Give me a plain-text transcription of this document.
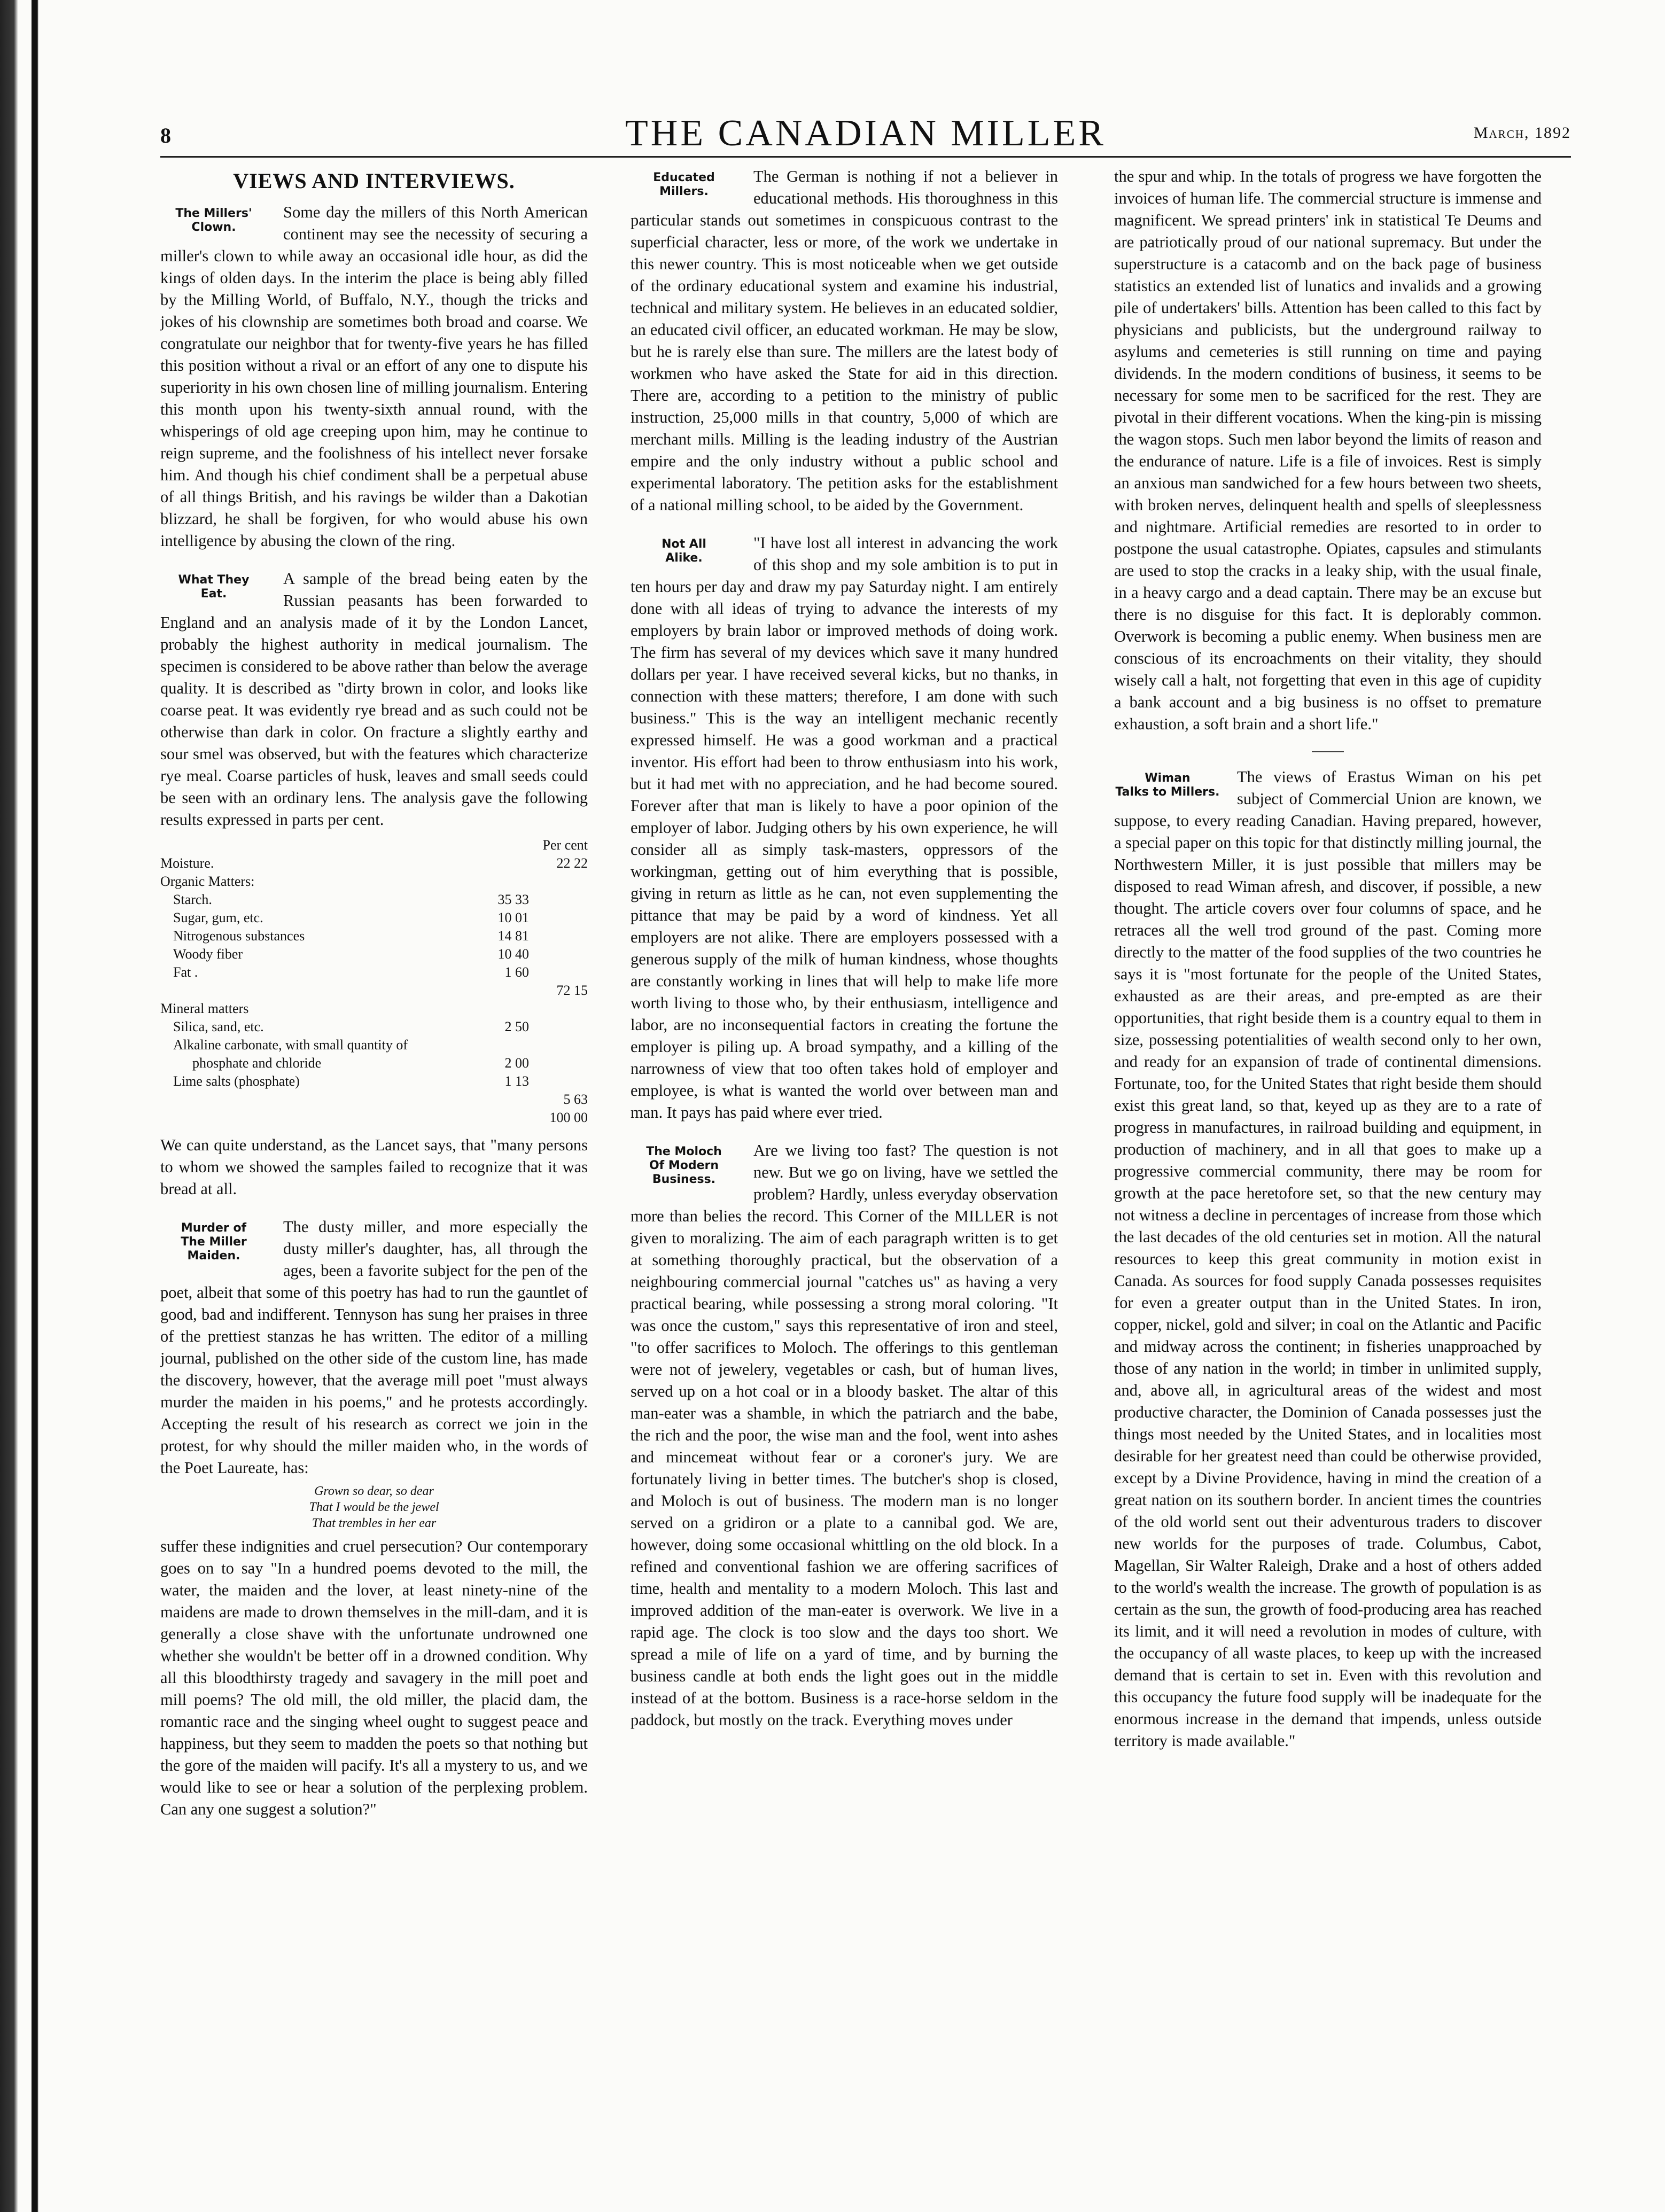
8	THE CANADIAN MILLER	March, 1892
VIEWS AND INTERVIEWS.
The Millers'
Clown.

Some day the millers of this North American continent may see the necessity of securing a miller's clown to while away an occasional idle hour, as did the kings of olden days. In the interim the place is being ably filled by the Milling World, of Buffalo, N.Y., though the tricks and jokes of his clownship are sometimes both broad and coarse. We congratulate our neighbor that for twenty-five years he has filled this position without a rival or an effort of any one to dispute his superiority in his own chosen line of milling journalism. Entering this month upon his twenty-sixth annual round, with the whisperings of old age creeping upon him, may he continue to reign supreme, and the foolishness of his intellect never forsake him. And though his chief condiment shall be a perpetual abuse of all things British, and his ravings be wilder than a Dakotian blizzard, he shall be forgiven, for who would abuse his own intelligence by abusing the clown of the ring.

What They
Eat.

A sample of the bread being eaten by the Russian peasants has been forwarded to England and an analysis made of it by the London Lancet, probably the highest authority in medical journalism. The specimen is considered to be above rather than below the average quality. It is described as "dirty brown in color, and looks like coarse peat. It was evidently rye bread and as such could not be otherwise than dark in color. On fracture a slightly earthy and sour smel was observed, but with the features which characterize rye meal. Coarse particles of husk, leaves and small seeds could be seen with an ordinary lens. The analysis gave the following results expressed in parts per cent.

		Per cent
Moisture.		22 22
Organic Matters:		
Starch.	35 33	
Sugar, gum, etc.	10 01	
Nitrogenous substances	14 81	
Woody fiber	10 40	
Fat .	1 60	
		72 15
Mineral matters		
Silica, sand, etc.	2 50	
Alkaline carbonate, with small quantity of		
phosphate and chloride	2 00	
Lime salts (phosphate)	1 13	
		5 63
		100 00

We can quite understand, as the Lancet says, that "many persons to whom we showed the samples failed to recognize that it was bread at all.

Murder of
The Miller Maiden.

The dusty miller, and more especially the dusty miller's daughter, has, all through the ages, been a favorite subject for the pen of the poet, albeit that some of this poetry has had to run the gauntlet of good, bad and indifferent. Tennyson has sung her praises in three of the prettiest stanzas he has written. The editor of a milling journal, published on the other side of the custom line, has made the discovery, however, that the average mill poet "must always murder the maiden in his poems," and he protests accordingly. Accepting the result of his research as correct we join in the protest, for why should the miller maiden who, in the words of the Poet Laureate, has:

Grown so dear, so dear
That I would be the jewel
That trembles in her ear

suffer these indignities and cruel persecution? Our contemporary goes on to say "In a hundred poems devoted to the mill, the water, the maiden and the lover, at least ninety-nine of the maidens are made to drown themselves in the mill-dam, and it is generally a close shave with the unfortunate undrowned one whether she wouldn't be better off in a drowned condition. Why all this bloodthirsty tragedy and savagery in the mill poet and mill poems? The old mill, the old miller, the placid dam, the romantic race and the singing wheel ought to suggest peace and happiness, but they seem to madden the poets so that nothing but the gore of the maiden will pacify. It's all a mystery to us, and we would like to see or hear a solution of the perplexing problem. Can any one suggest a solution?"

Educated
Millers.

The German is nothing if not a believer in educational methods. His thoroughness in this particular stands out sometimes in conspicuous contrast to the superficial character, less or more, of the work we undertake in this newer country. This is most noticeable when we get outside of the ordinary educational system and examine his industrial, technical and military system. He believes in an educated soldier, an educated civil officer, an educated workman. He may be slow, but he is rarely else than sure. The millers are the latest body of workmen who have asked the State for aid in this direction. There are, according to a petition to the ministry of public instruction, 25,000 mills in that country, 5,000 of which are merchant mills. Milling is the leading industry of the Austrian empire and the only industry without a public school and experimental laboratory. The petition asks for the establishment of a national milling school, to be aided by the Government.

Not All
Alike.

"I have lost all interest in advancing the work of this shop and my sole ambition is to put in ten hours per day and draw my pay Saturday night. I am entirely done with all ideas of trying to advance the interests of my employers by brain labor or improved methods of doing work. The firm has several of my devices which save it many hundred dollars per year. I have received several kicks, but no thanks, in connection with these matters; therefore, I am done with such business." This is the way an intelligent mechanic recently expressed himself. He was a good workman and a practical inventor. His effort had been to throw enthusiasm into his work, but it had met with no appreciation, and he had become soured. Forever after that man is likely to have a poor opinion of the employer of labor. Judging others by his own experience, he will consider all as simply task-masters, oppressors of the workingman, getting out of him everything that is possible, giving in return as little as he can, not even supplementing the pittance that may be paid by a word of kindness. Yet all employers are not alike. There are employers possessed with a generous supply of the milk of human kindness, whose thoughts are constantly working in lines that will help to make life more worth living to those who, by their enthusiasm, intelligence and labor, are no inconsequential factors in creating the fortune the employer is piling up. A broad sympathy, and a killing of the narrowness of view that too often takes hold of employer and employee, is what is wanted the world over between man and man. It pays has paid where ever tried.

The Moloch
Of Modern Business.

Are we living too fast? The question is not new. But we go on living, have we settled the problem? Hardly, unless everyday observation more than belies the record. This Corner of the MILLER is not given to moralizing. The aim of each paragraph written is to get at something thoroughly practical, but the observation of a neighbouring commercial journal "catches us" as having a very practical bearing, while possessing a strong moral coloring. "It was once the custom," says this representative of iron and steel, "to offer sacrifices to Moloch. The offerings to this gentleman were not of jewelery, vegetables or cash, but of human lives, served up on a hot coal or in a bloody basket. The altar of this man-eater was a shamble, in which the patriarch and the babe, the rich and the poor, the wise man and the fool, went into ashes and mincemeat without fear or a coroner's jury. We are fortunately living in better times. The butcher's shop is closed, and Moloch is out of business. The modern man is no longer served on a gridiron or a plate to a cannibal god. We are, however, doing some occasional whittling on the old block. In a refined and conventional fashion we are offering sacrifices of time, health and mentality to a modern Moloch. This last and improved addition of the man-eater is overwork. We live in a rapid age. The clock is too slow and the days too short. We spread a mile of life on a yard of time, and by burning the business candle at both ends the light goes out in the middle instead of at the bottom. Business is a race-horse seldom in the paddock, but mostly on the track. Everything moves under

the spur and whip. In the totals of progress we have forgotten the invoices of human life. The commercial structure is immense and magnificent. We spread printers' ink in statistical Te Deums and are patriotically proud of our national supremacy. But under the superstructure is a catacomb and on the back page of business statistics an extended list of lunatics and invalids and a growing pile of undertakers' bills. Attention has been called to this fact by physicians and publicists, but the underground railway to asylums and cemeteries is still running on time and paying dividends. In the modern conditions of business, it seems to be necessary for some men to be sacrificed for the rest. They are pivotal in their different vocations. When the king-pin is missing the wagon stops. Such men labor beyond the limits of reason and the endurance of nature. Life is a file of invoices. Rest is simply an anxious man sandwiched for a few hours between two sheets, with broken nerves, delinquent health and spells of sleeplessness and nightmare. Artificial remedies are resorted to in order to postpone the usual catastrophe. Opiates, capsules and stimulants are used to stop the cracks in a leaky ship, with the usual finale, in a heavy cargo and a dead captain. There may be an excuse but there is no disguise for this fact. It is deplorably common. Overwork is becoming a public enemy. When business men are conscious of its encroachments on their vitality, they should wisely call a halt, not forgetting that even in this age of cupidity a bank account and a big business is no offset to premature exhaustion, a soft brain and a short life."

Wiman
Talks to Millers.

The views of Erastus Wiman on his pet subject of Commercial Union are known, we suppose, to every reading Canadian. Having prepared, however, a special paper on this topic for that distinctly milling journal, the Northwestern Miller, it is just possible that millers may be disposed to read Wiman afresh, and discover, if possible, a new thought. The article covers over four columns of space, and he retraces all the well trod ground of the past. Coming more directly to the matter of the food supplies of the two countries he says it is "most fortunate for the people of the United States, exhausted as are their areas, and pre-empted as are their opportunities, that right beside them is a country equal to them in size, possessing potentialities of wealth second only to her own, and ready for an expansion of trade of continental dimensions. Fortunate, too, for the United States that right beside them should exist this great land, so that, keyed up as they are to a rate of progress in manufactures, in railroad building and equipment, in production of machinery, and in all that goes to make up a progressive commercial community, there may be room for growth at the pace heretofore set, so that the new century may not witness a decline in percentages of increase from those which the last decades of the old centuries set in motion. All the natural resources to keep this great community in motion exist in Canada. As sources for food supply Canada possesses requisites for even a greater output than in the United States. In iron, copper, nickel, gold and silver; in coal on the Atlantic and Pacific and midway across the continent; in fisheries unapproached by those of any nation in the world; in timber in unlimited supply, and, above all, in agricultural areas of the widest and most productive character, the Dominion of Canada possesses just the things most needed by the United States, and in localities most desirable for her greatest need than could be otherwise provided, except by a Divine Providence, having in mind the creation of a great nation on its southern border. In ancient times the countries of the old world sent out their adventurous traders to discover new worlds for the purposes of trade. Columbus, Cabot, Magellan, Sir Walter Raleigh, Drake and a host of others added to the world's wealth the increase. The growth of population is as certain as the sun, the growth of food-producing area has reached its limit, and it will need a revolution in modes of culture, with the occupancy of all waste places, to keep up with the increased demand that is certain to set in. Even with this revolution and this occupancy the future food supply will be inadequate for the enormous increase in the demand that impends, unless outside territory is made available."
